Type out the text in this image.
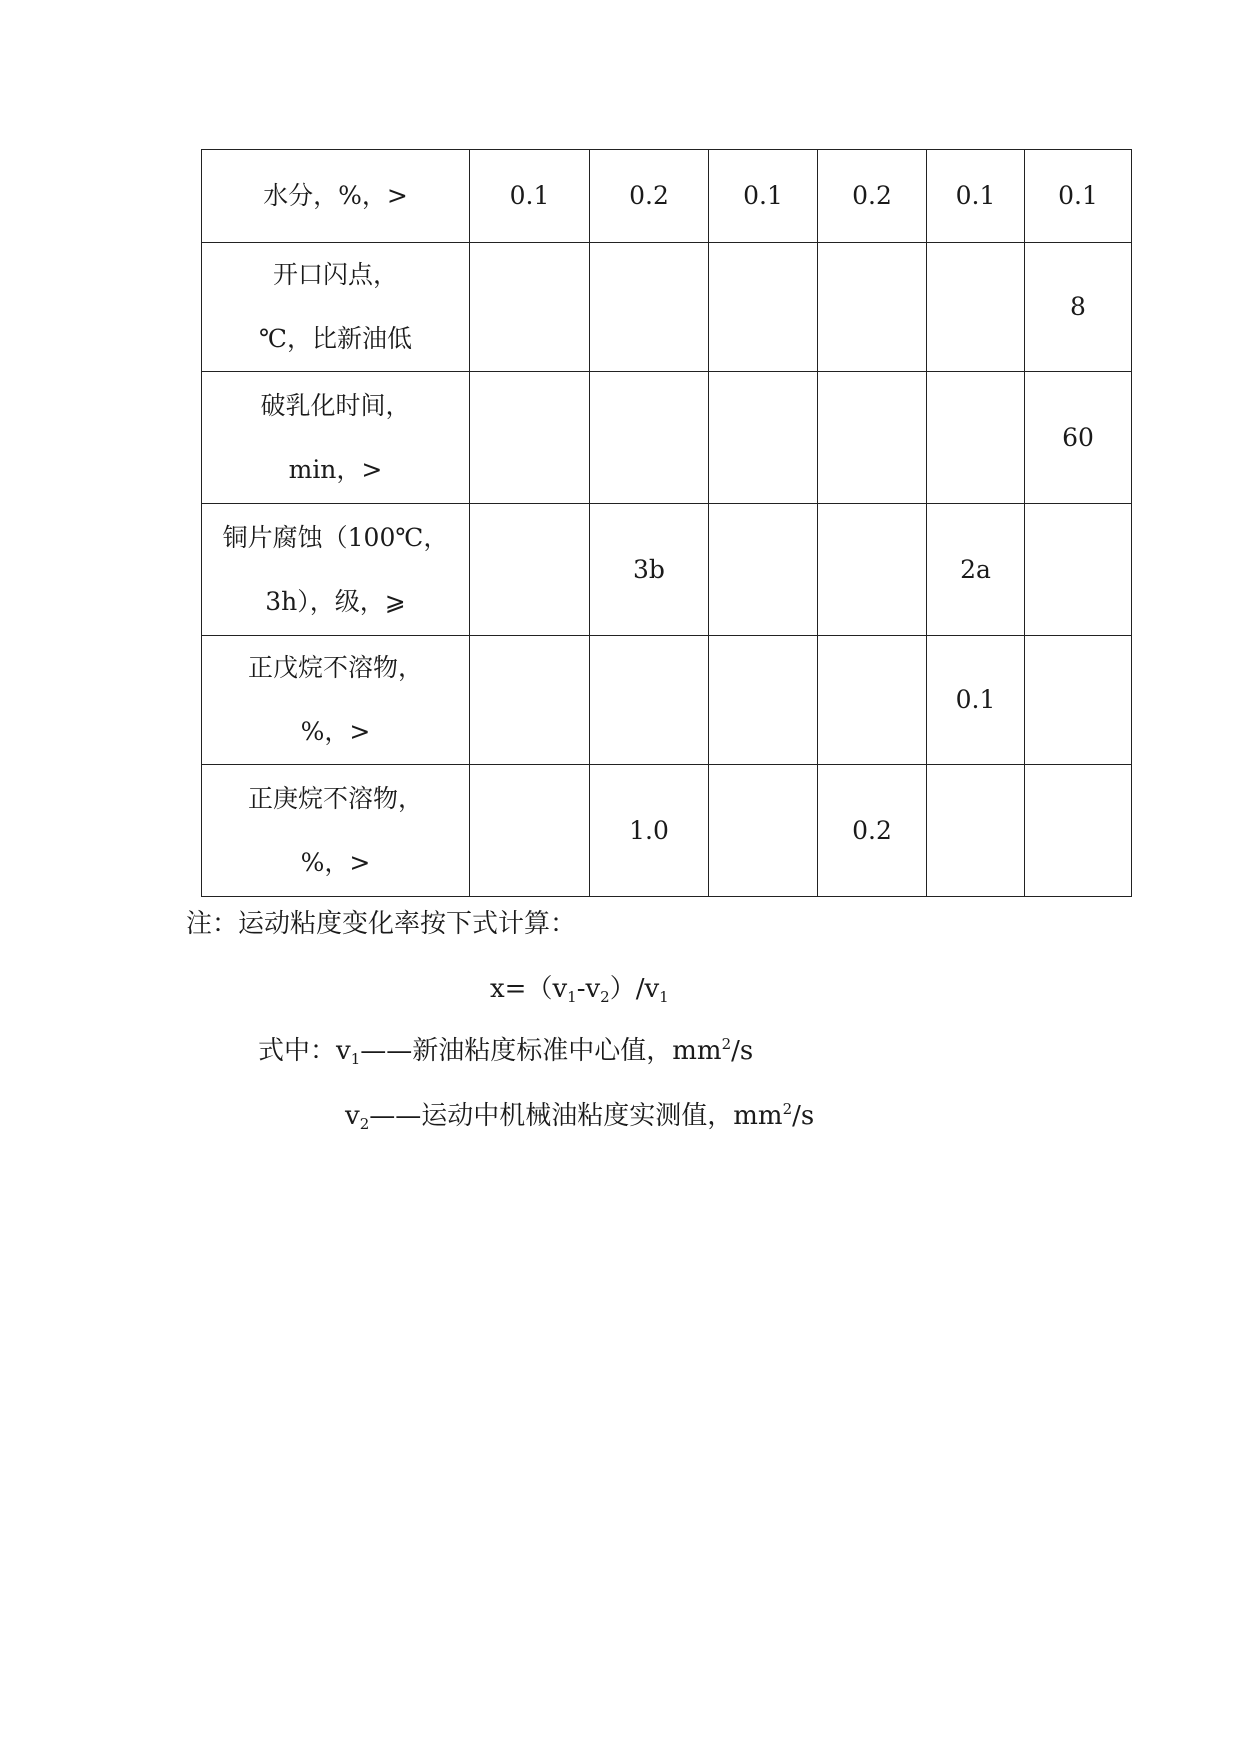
水分，%，>	0.1	0.2	0.1	0.2	0.1	0.1

开口闪点，
℃，比新油低						8

破乳化时间，
min，>						60

铜片腐蚀（100℃，
3h），级，⩾		3b			2a	

正戊烷不溶物，
%，>					0.1	

正庚烷不溶物，
%，>		1.0		0.2		
注：运动粘度变化率按下式计算：
$x=(v_1-v_2)/v_1$
式中：$v_1——$新油粘度标准中心值，$mm^2/s$
$v_2——$运动中机械油粘度实测值，$mm^2/s$
